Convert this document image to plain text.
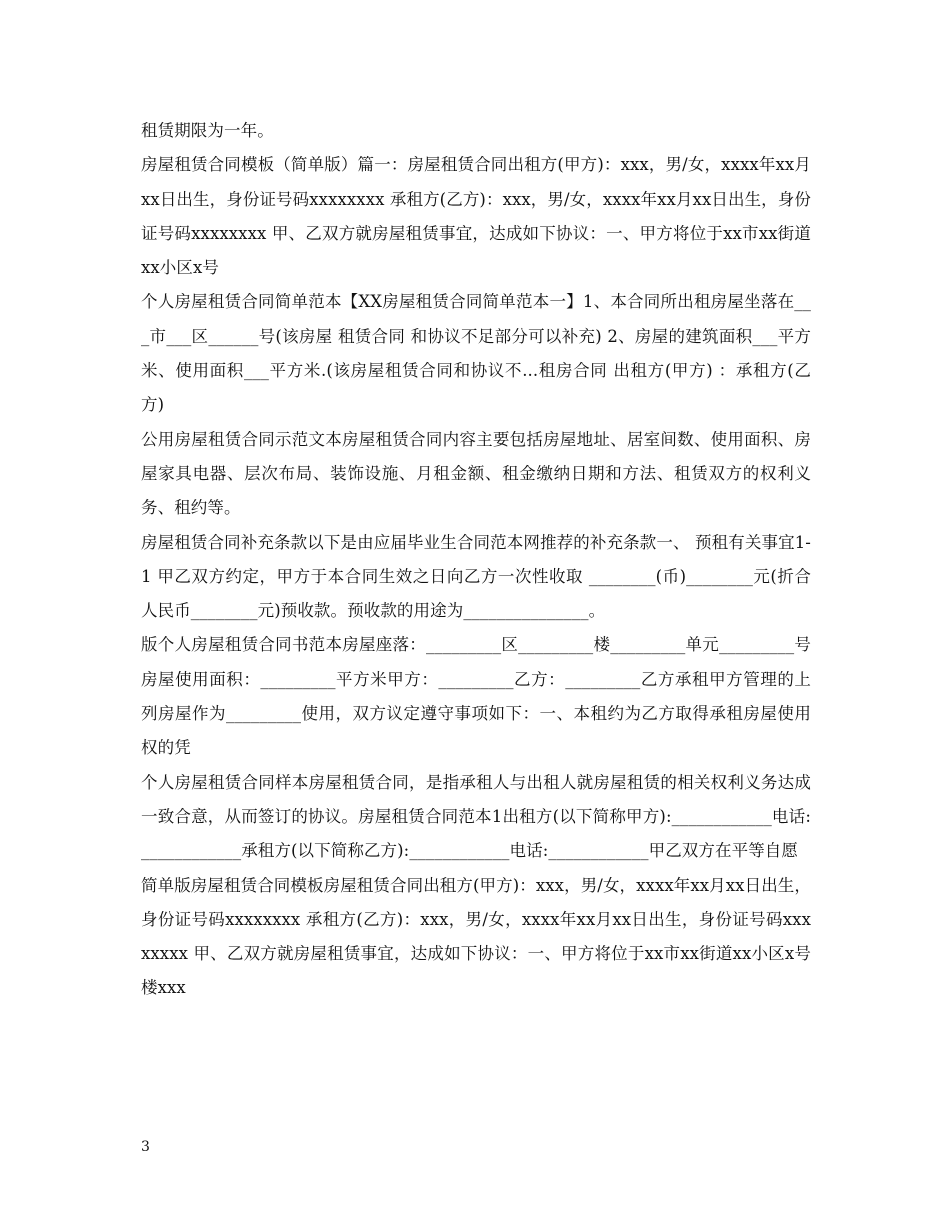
租赁期限为一年。

房屋租赁合同模板（简单版）篇一：房屋租赁合同出租方(甲方)：xxx，男/女，xxxx年xx月xx日出生，身份证号码xxxxxxxx 承租方(乙方)：xxx，男/女，xxxx年xx月xx日出生，身份证号码xxxxxxxx 甲、乙双方就房屋租赁事宜，达成如下协议：一、甲方将位于xx市xx街道xx小区x号

个人房屋租赁合同简单范本【XX房屋租赁合同简单范本一】1、本合同所出租房屋坐落在___市___区______号(该房屋 租赁合同 和协议不足部分可以补充) 2、房屋的建筑面积___平方米、使用面积___平方米.(该房屋租赁合同和协议不...租房合同 出租方(甲方) ：承租方(乙方)

公用房屋租赁合同示范文本房屋租赁合同内容主要包括房屋地址、居室间数、使用面积、房屋家具电器、层次布局、装饰设施、月租金额、租金缴纳日期和方法、租赁双方的权利义务、租约等。

房屋租赁合同补充条款以下是由应届毕业生合同范本网推荐的补充条款一、 预租有关事宜1-1 甲乙双方约定，甲方于本合同生效之日向乙方一次性收取 ________(币)________元(折合人民币________元)预收款。预收款的用途为_______________。

版个人房屋租赁合同书范本房屋座落：_________区_________楼_________单元_________号房屋使用面积：_________平方米甲方：_________乙方：_________乙方承租甲方管理的上列房屋作为_________使用，双方议定遵守事项如下：一、本租约为乙方取得承租房屋使用权的凭

个人房屋租赁合同样本房屋租赁合同，是指承租人与出租人就房屋租赁的相关权利义务达成一致合意，从而签订的协议。房屋租赁合同范本1出租方(以下简称甲方):____________电话:____________承租方(以下简称乙方):____________电话:____________甲乙双方在平等自愿

简单版房屋租赁合同模板房屋租赁合同出租方(甲方)：xxx，男/女，xxxx年xx月xx日出生，身份证号码xxxxxxxx 承租方(乙方)：xxx，男/女，xxxx年xx月xx日出生，身份证号码xxxxxxxx 甲、乙双方就房屋租赁事宜，达成如下协议：一、甲方将位于xx市xx街道xx小区x号楼xxx

3
